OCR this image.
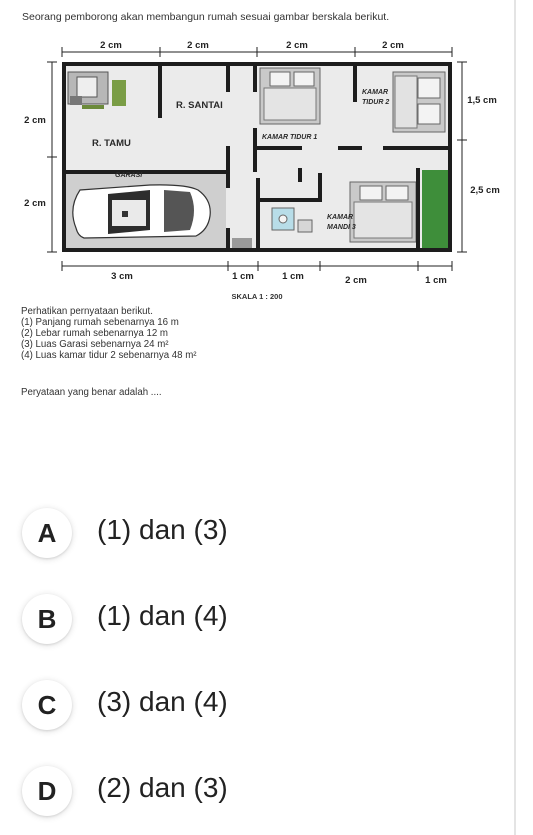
Seorang pemborong akan membangun rumah sesuai gambar berskala berikut.
2 cm	2 cm	2 cm	2 cm
2 cm
2 cm
1,5 cm
2,5 cm
R. SANTAI
R. TAMU
GARASI
KAMAR TIDUR 1
KAMAR
TIDUR 2
KAMAR
MANDI 3
3 cm	1 cm	1 cm	2 cm	1 cm
SKALA 1 : 200
Perhatikan pernyataan berikut.
(1) Panjang rumah sebenarnya 16 m
(2) Lebar rumah sebenarnya 12 m
(3) Luas Garasi sebenarnya 24 m²
(4) Luas kamar tidur 2 sebenarnya 48 m²
Peryataan yang benar adalah ....
A	(1) dan (3)
B	(1) dan (4)
C	(3) dan (4)
D	(2) dan (3)
